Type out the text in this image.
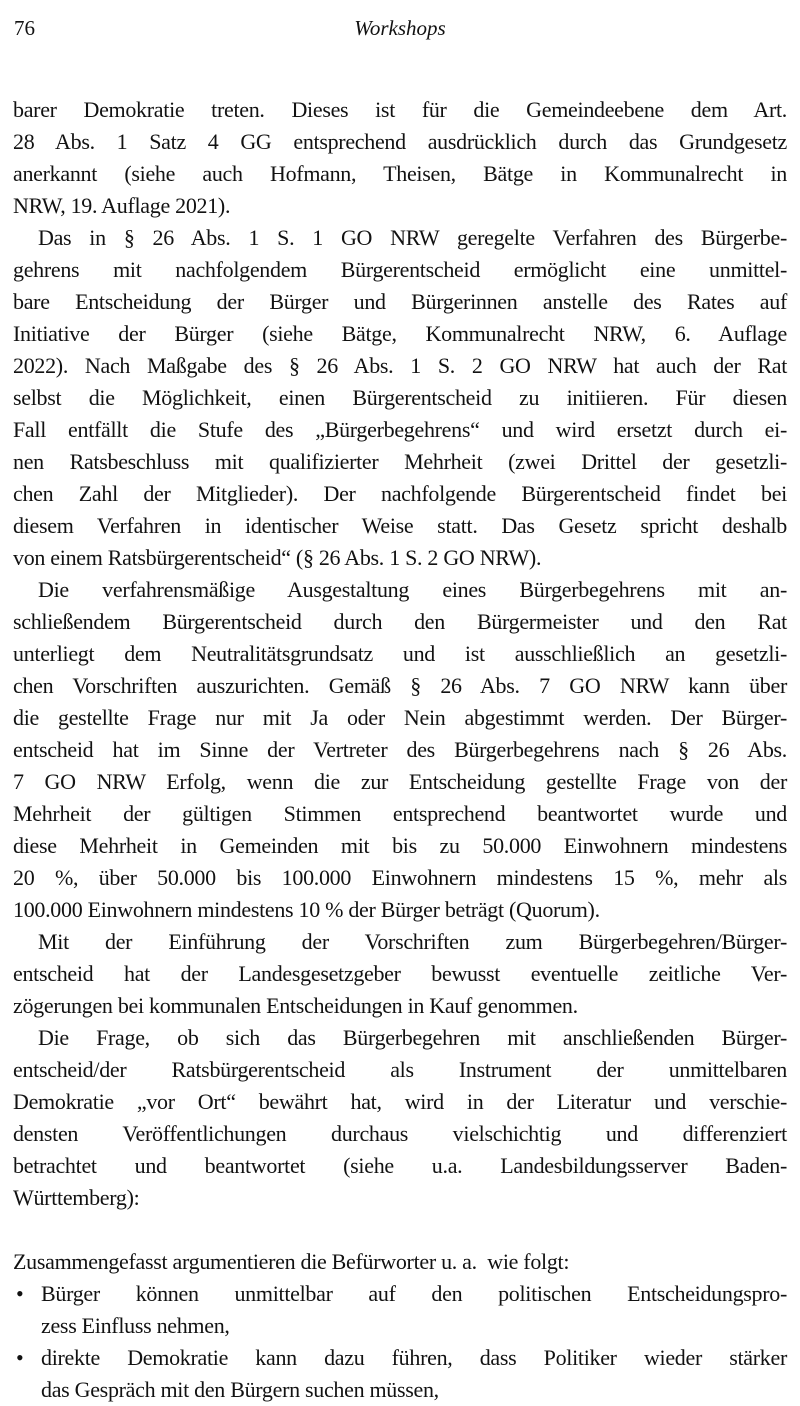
76	Workshops
barer Demokratie treten. Dieses ist für die Gemeindeebene dem Art.
28 Abs. 1 Satz 4 GG entsprechend ausdrücklich durch das Grundgesetz
anerkannt (siehe auch Hofmann, Theisen, Bätge in Kommunalrecht in
NRW, 19. Auflage 2021).
Das in § 26 Abs. 1 S. 1 GO NRW geregelte Verfahren des Bürgerbe-
gehrens mit nachfolgendem Bürgerentscheid ermöglicht eine unmittel-
bare Entscheidung der Bürger und Bürgerinnen anstelle des Rates auf
Initiative der Bürger (siehe Bätge, Kommunalrecht NRW, 6. Auflage
2022). Nach Maßgabe des § 26 Abs. 1 S. 2 GO NRW hat auch der Rat
selbst die Möglichkeit, einen Bürgerentscheid zu initiieren. Für diesen
Fall entfällt die Stufe des „Bürgerbegehrens“ und wird ersetzt durch ei-
nen Ratsbeschluss mit qualifizierter Mehrheit (zwei Drittel der gesetzli-
chen Zahl der Mitglieder). Der nachfolgende Bürgerentscheid findet bei
diesem Verfahren in identischer Weise statt. Das Gesetz spricht deshalb
von einem Ratsbürgerentscheid“ (§ 26 Abs. 1 S. 2 GO NRW).
Die verfahrensmäßige Ausgestaltung eines Bürgerbegehrens mit an-
schließendem Bürgerentscheid durch den Bürgermeister und den Rat
unterliegt dem Neutralitätsgrundsatz und ist ausschließlich an gesetzli-
chen Vorschriften auszurichten. Gemäß § 26 Abs. 7 GO NRW kann über
die gestellte Frage nur mit Ja oder Nein abgestimmt werden. Der Bürger-
entscheid hat im Sinne der Vertreter des Bürgerbegehrens nach § 26 Abs.
7 GO NRW Erfolg, wenn die zur Entscheidung gestellte Frage von der
Mehrheit der gültigen Stimmen entsprechend beantwortet wurde und
diese Mehrheit in Gemeinden mit bis zu 50.000 Einwohnern mindestens
20 %, über 50.000 bis 100.000 Einwohnern mindestens 15 %, mehr als
100.000 Einwohnern mindestens 10 % der Bürger beträgt (Quorum).
Mit der Einführung der Vorschriften zum Bürgerbegehren/Bürger-
entscheid hat der Landesgesetzgeber bewusst eventuelle zeitliche Ver-
zögerungen bei kommunalen Entscheidungen in Kauf genommen.
Die Frage, ob sich das Bürgerbegehren mit anschließenden Bürger-
entscheid/der Ratsbürgerentscheid als Instrument der unmittelbaren
Demokratie „vor Ort“ bewährt hat, wird in der Literatur und verschie-
densten Veröffentlichungen durchaus vielschichtig und differenziert
betrachtet und beantwortet (siehe u.a. Landesbildungsserver Baden-
Württemberg):
Zusammengefasst argumentieren die Befürworter u. a.  wie folgt:
• Bürger können unmittelbar auf den politischen Entscheidungspro-
zess Einfluss nehmen,
• direkte Demokratie kann dazu führen, dass Politiker wieder stärker
das Gespräch mit den Bürgern suchen müssen,
